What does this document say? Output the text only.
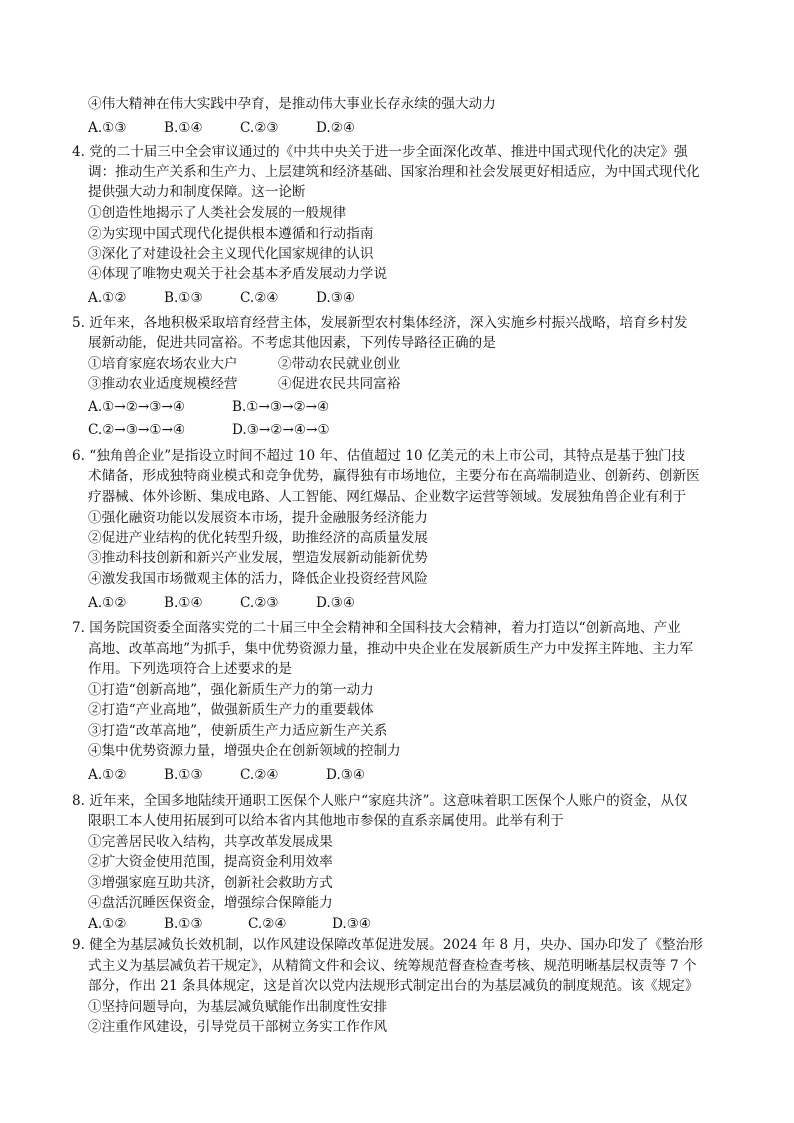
④伟大精神在伟大实践中孕育，是推动伟大事业长存永续的强大动力
A.①③	B.①④	C.②③	D.②④
4. 党的二十届三中全会审议通过的《中共中央关于进一步全面深化改革、推进中国式现代化的决定》强
调：推动生产关系和生产力、上层建筑和经济基础、国家治理和社会发展更好相适应，为中国式现代化
提供强大动力和制度保障。这一论断
①创造性地揭示了人类社会发展的一般规律
②为实现中国式现代化提供根本遵循和行动指南
③深化了对建设社会主义现代化国家规律的认识
④体现了唯物史观关于社会基本矛盾发展动力学说
A.①②	B.①③	C.②④	D.③④
5. 近年来，各地积极采取培育经营主体，发展新型农村集体经济，深入实施乡村振兴战略，培育乡村发
展新动能，促进共同富裕。不考虑其他因素，下列传导路径正确的是
①培育家庭农场农业大户	②带动农民就业创业
③推动农业适度规模经营	④促进农民共同富裕
A.①→②→③→④	B.①→③→②→④
C.②→③→①→④	D.③→②→④→①
6. “独角兽企业”是指设立时间不超过 10 年、估值超过 10 亿美元的未上市公司，其特点是基于独门技
术储备，形成独特商业模式和竞争优势，赢得独有市场地位，主要分布在高端制造业、创新药、创新医
疗器械、体外诊断、集成电路、人工智能、网红爆品、企业数字运营等领域。发展独角兽企业有利于
①强化融资功能以发展资本市场，提升金融服务经济能力
②促进产业结构的优化转型升级，助推经济的高质量发展
③推动科技创新和新兴产业发展，塑造发展新动能新优势
④激发我国市场微观主体的活力，降低企业投资经营风险
A.①②	B.①④	C.②③	D.③④
7. 国务院国资委全面落实党的二十届三中全会精神和全国科技大会精神，着力打造以“创新高地、产业
高地、改革高地”为抓手，集中优势资源力量，推动中央企业在发展新质生产力中发挥主阵地、主力军
作用。下列选项符合上述要求的是
①打造“创新高地”，强化新质生产力的第一动力
②打造“产业高地”，做强新质生产力的重要载体
③打造“改革高地”，使新质生产力适应新生产关系
④集中优势资源力量，增强央企在创新领域的控制力
A.①②	B.①③	C.②④	D.③④
8. 近年来，全国多地陆续开通职工医保个人账户“家庭共济”。这意味着职工医保个人账户的资金，从仅
限职工本人使用拓展到可以给本省内其他地市参保的直系亲属使用。此举有利于
①完善居民收入结构，共享改革发展成果
②扩大资金使用范围，提高资金利用效率
③增强家庭互助共济，创新社会救助方式
④盘活沉睡医保资金，增强综合保障能力
A.①②	B.①③	C.②④	D.③④
9. 健全为基层减负长效机制，以作风建设保障改革促进发展。2024 年 8 月，央办、国办印发了《整治形
式主义为基层减负若干规定》，从精简文件和会议、统筹规范督查检查考核、规范明晰基层权责等 7 个
部分，作出 21 条具体规定，这是首次以党内法规形式制定出台的为基层减负的制度规范。该《规定》
①坚持问题导向，为基层减负赋能作出制度性安排
②注重作风建设，引导党员干部树立务实工作作风
